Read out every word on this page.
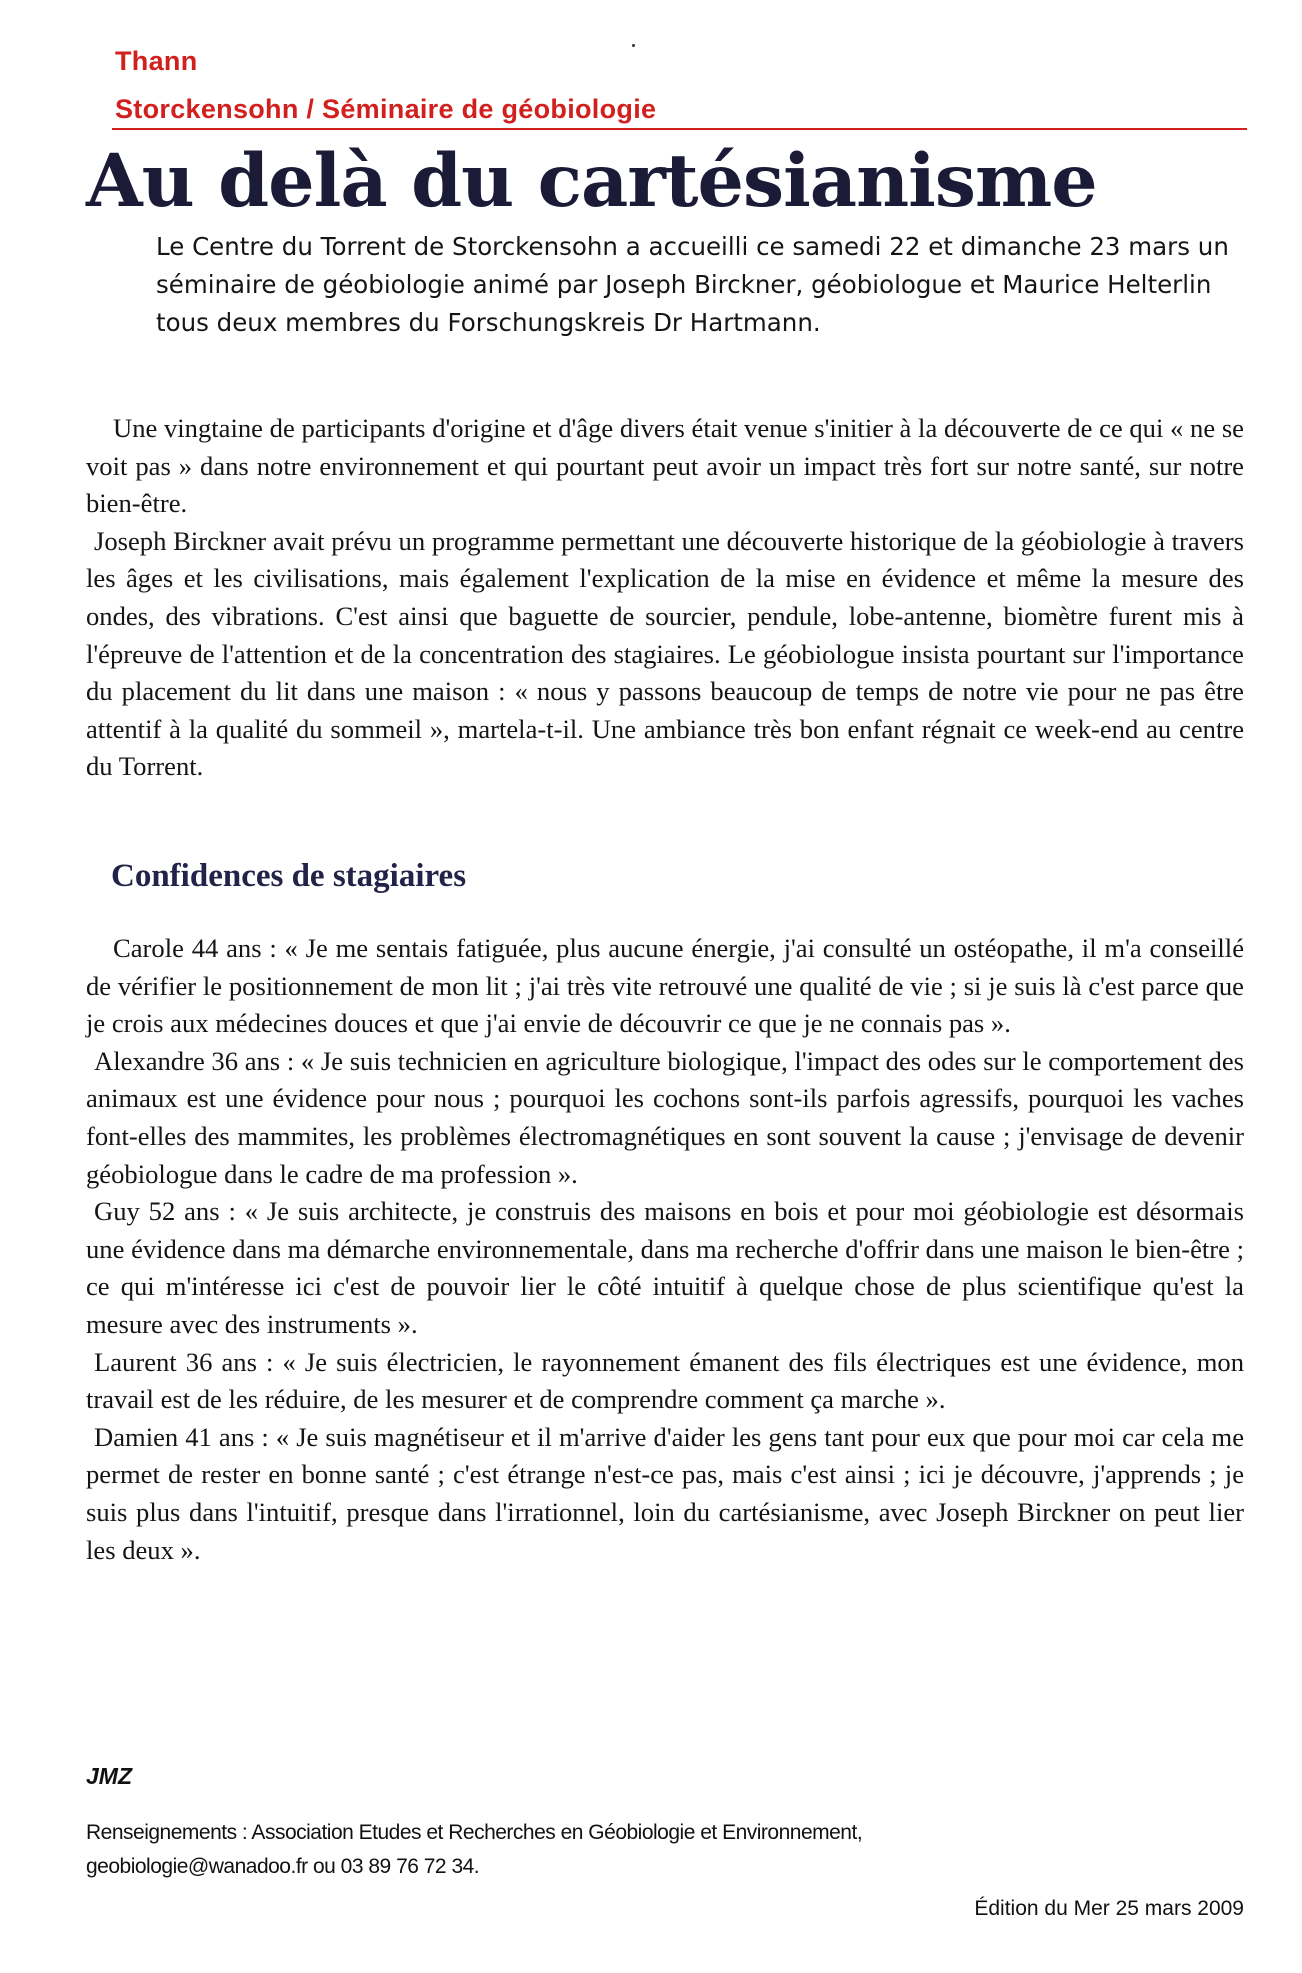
Thann
Storckensohn / Séminaire de géobiologie
Au delà du cartésianisme

Le Centre du Torrent de Storckensohn a accueilli ce samedi 22 et dimanche 23 mars un séminaire de géobiologie animé par Joseph Birckner, géobiologue et Maurice Helterlin tous deux membres du Forschungskreis Dr Hartmann.

Une vingtaine de participants d'origine et d'âge divers était venue s'initier à la découverte de ce qui « ne se voit pas » dans notre environnement et qui pourtant peut avoir un impact très fort sur notre santé, sur notre bien-être.

Joseph Birckner avait prévu un programme permettant une découverte historique de la géobiologie à travers les âges et les civilisations, mais également l'explication de la mise en évidence et même la mesure des ondes, des vibrations. C'est ainsi que baguette de sourcier, pendule, lobe-antenne, biomètre furent mis à l'épreuve de l'attention et de la concentration des stagiaires. Le géobiologue insista pourtant sur l'importance du placement du lit dans une maison : « nous y passons beaucoup de temps de notre vie pour ne pas être attentif à la qualité du sommeil », martela-t-il. Une ambiance très bon enfant régnait ce week-end au centre du Torrent.

Confidences de stagiaires

Carole 44 ans : « Je me sentais fatiguée, plus aucune énergie, j'ai consulté un ostéopathe, il m'a conseillé de vérifier le positionnement de mon lit ; j'ai très vite retrouvé une qualité de vie ; si je suis là c'est parce que je crois aux médecines douces et que j'ai envie de découvrir ce que je ne connais pas ».

Alexandre 36 ans : « Je suis technicien en agriculture biologique, l'impact des odes sur le comportement des animaux est une évidence pour nous ; pourquoi les cochons sont-ils parfois agressifs, pourquoi les vaches font-elles des mammites, les problèmes électromagnétiques en sont souvent la cause ; j'envisage de devenir géobiologue dans le cadre de ma profession ».

Guy 52 ans : « Je suis architecte, je construis des maisons en bois et pour moi géobiologie est désormais une évidence dans ma démarche environnementale, dans ma recherche d'offrir dans une maison le bien-être ; ce qui m'intéresse ici c'est de pouvoir lier le côté intuitif à quelque chose de plus scientifique qu'est la mesure avec des instruments ».

Laurent 36 ans : « Je suis électricien, le rayonnement émanent des fils électriques est une évidence, mon travail est de les réduire, de les mesurer et de comprendre comment ça marche ».

Damien 41 ans : « Je suis magnétiseur et il m'arrive d'aider les gens tant pour eux que pour moi car cela me permet de rester en bonne santé ; c'est étrange n'est-ce pas, mais c'est ainsi ; ici je découvre, j'apprends ; je suis plus dans l'intuitif, presque dans l'irrationnel, loin du cartésianisme, avec Joseph Birckner on peut lier les deux ».

JMZ
Renseignements : Association Etudes et Recherches en Géobiologie et Environnement,
geobiologie@wanadoo.fr ou 03 89 76 72 34.
Édition du Mer 25 mars 2009
